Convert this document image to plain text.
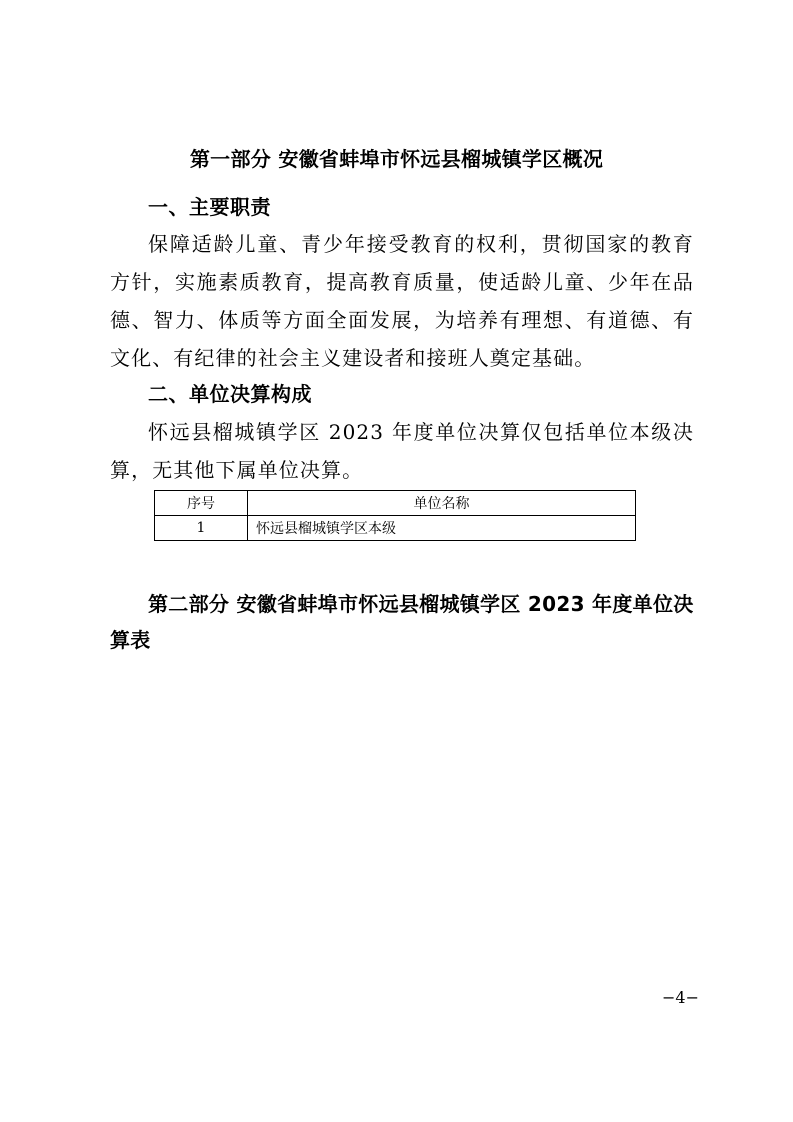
第一部分 安徽省蚌埠市怀远县榴城镇学区概况
一、主要职责

保障适龄儿童、青少年接受教育的权利，贯彻国家的教育方针，实施素质教育，提高教育质量，使适龄儿童、少年在品德、智力、体质等方面全面发展，为培养有理想、有道德、有文化、有纪律的社会主义建设者和接班人奠定基础。

二、单位决算构成

怀远县榴城镇学区 2023 年度单位决算仅包括单位本级决算，无其他下属单位决算。

序号	单位名称
1	怀远县榴城镇学区本级
第二部分 安徽省蚌埠市怀远县榴城镇学区 2023 年度单位决算表
−4−
